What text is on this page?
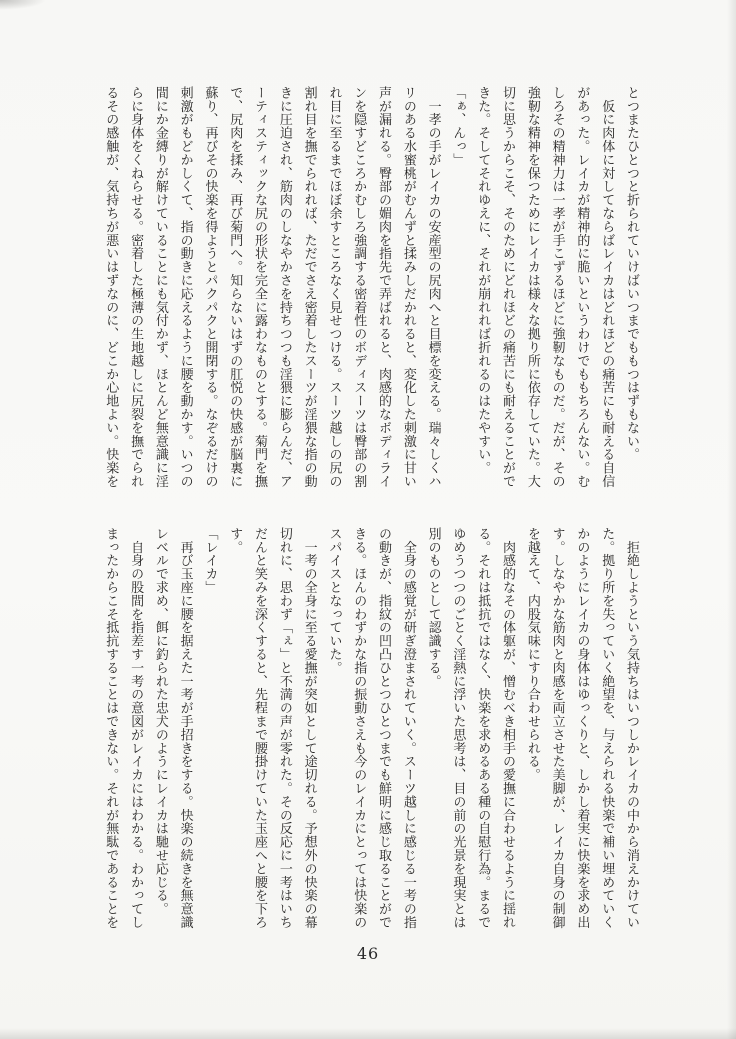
とつまたひとつと折られていけばいつまでももつはずもない。

　仮に肉体に対してならばレイカはどれほどの痛苦にも耐える自信

があった。レイカが精神的に脆いというわけでももちろんない。む

しろその精神力は一孝が手こずるほどに強靭なものだ。だが、その

強靭な精神を保つためにレイカは様々な拠り所に依存していた。大

切に思うからこそ、そのためにどれほどの痛苦にも耐えることがで

きた。そしてそれゆえに、それが崩れれば折れるのはたやすい。

「ぁ、んっ」

　一孝の手がレイカの安産型の尻肉へと目標を変える。瑞々しくハ

リのある水蜜桃がむんずと揉みしだかれると、変化した刺激に甘い

声が漏れる。臀部の媚肉を指先で弄ばれると、肉感的なボディライ

ンを隠すどころかむしろ強調する密着性のボディスーツは臀部の割

れ目に至るまでほぼ余すところなく見せつける。スーツ越しの尻の

割れ目を撫でられれば、ただでさえ密着したスーツが淫猥な指の動

きに圧迫され、筋肉のしなやかさを持ちつつも淫猥に膨らんだ、ア

ーティスティックな尻の形状を完全に露わなものとする。菊門を撫

で、尻肉を揉み、再び菊門へ。知らないはずの肛悦の快感が脳裏に

蘇り、再びその快楽を得ようとパクパクと開閉する。なぞるだけの

刺激がもどかしくて、指の動きに応えるように腰を動かす。いつの

間にか金縛りが解けていることにも気付かず、ほとんど無意識に淫

らに身体をくねらせる。密着した極薄の生地越しに尻裂を撫でられ

るその感触が、気持ちが悪いはずなのに、どこか心地よい。快楽を

　拒絶しようという気持ちはいつしかレイカの中から消えかけてい

た。拠り所を失っていく絶望を、与えられる快楽で補い埋めていく

かのようにレイカの身体はゆっくりと、しかし着実に快楽を求め出

す。しなやかな筋肉と肉感を両立させた美脚が、レイカ自身の制御

を越えて、内股気味にすり合わせられる。

　肉感的なその体躯が、憎むべき相手の愛撫に合わせるように揺れ

る。それは抵抗ではなく、快楽を求めるある種の自慰行為。まるで

ゆめうつつのごとく淫熱に浮いた思考は、目の前の光景を現実とは

別のものとして認識する。

　全身の感覚が研ぎ澄まされていく。スーツ越しに感じる一考の指

の動きが、指紋の凹凸ひとつひとつまでも鮮明に感じ取ることがで

きる。ほんのわずかな指の振動さえも今のレイカにとっては快楽の

スパイスとなっていた。

　一考の全身に至る愛撫が突如として途切れる。予想外の快楽の幕

切れに、思わず「ぇ」と不満の声が零れた。その反応に一考はいち

だんと笑みを深くすると、先程まで腰掛けていた玉座へと腰を下ろ

す。

「レイカ」

　再び玉座に腰を据えた一考が手招きをする。快楽の続きを無意識

レベルで求め、餌に釣られた忠犬のようにレイカは馳せ応じる。

　自身の股間を指差す一考の意図がレイカにはわかる。わかってし

まったからこそ抵抗することはできない。それが無駄であることを

46
